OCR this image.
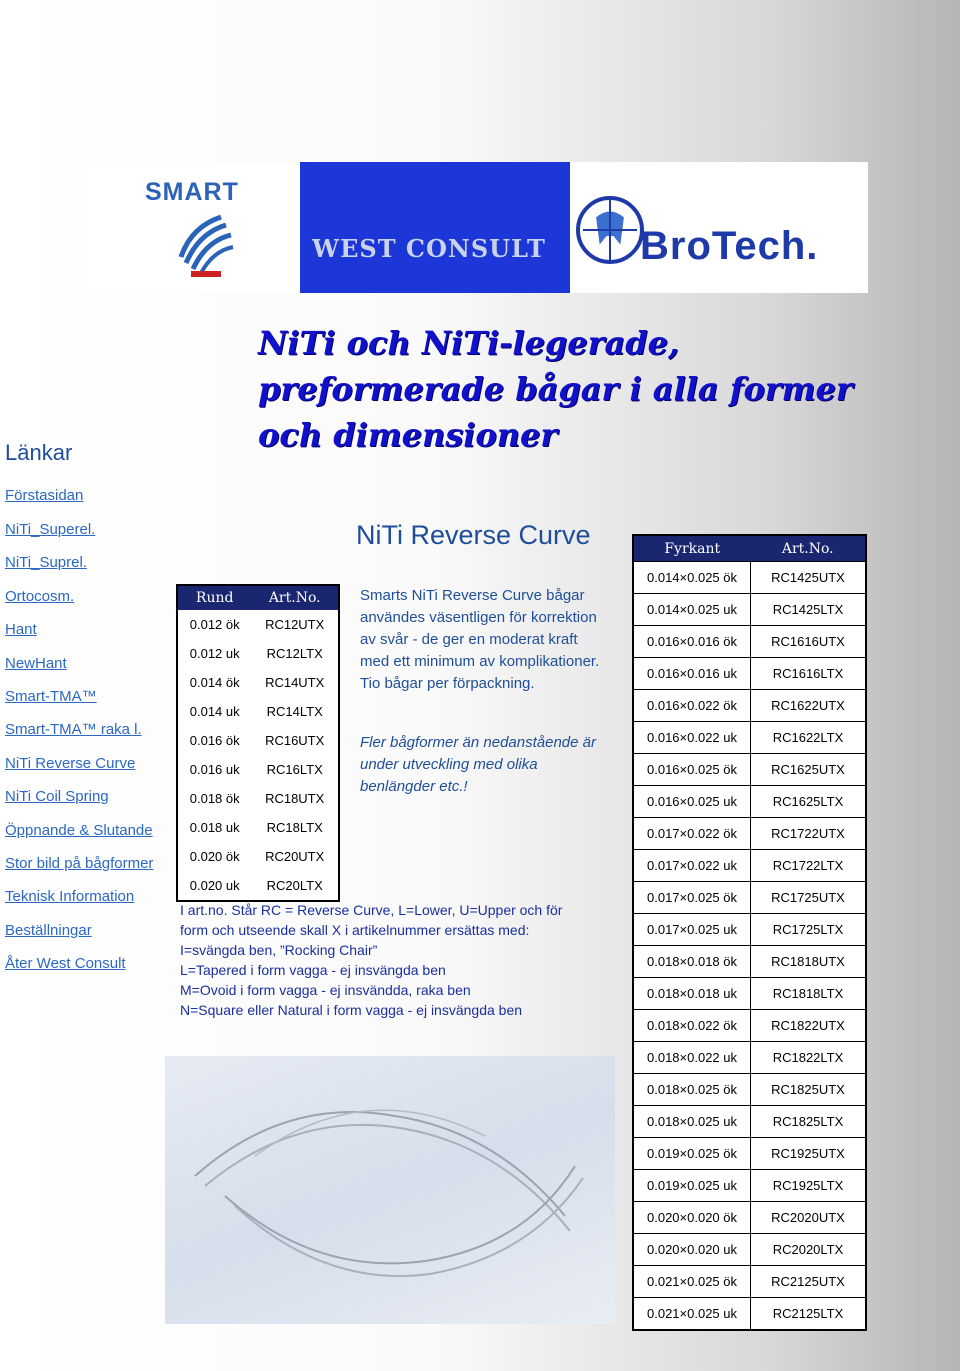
SMART
WEST CONSULT	BroTech.
NiTi och NiTi-legerade, preformerade bågar i alla former och dimensioner
Länkar
Förstasidan
NiTi_Superel.
NiTi_Suprel.
Ortocosm.
Hant
NewHant
Smart-TMA™
Smart-TMA™ raka l.
NiTi Reverse Curve
NiTi Coil Spring
Öppnande & Slutande
Stor bild på bågformer
Teknisk Information
Beställningar
Åter West Consult
NiTi Reverse Curve
Smarts NiTi Reverse Curve bågar användes väsentligen för korrektion av svår - de ger en moderat kraft med ett minimum av komplikationer. Tio bågar per förpackning.
Fler bågformer än nedanstående är under utveckling med olika benlängder etc.!
Rund	Art.No.
0.012 ök	RC12UTX
0.012 uk	RC12LTX
0.014 ök	RC14UTX
0.014 uk	RC14LTX
0.016 ök	RC16UTX
0.016 uk	RC16LTX
0.018 ök	RC18UTX
0.018 uk	RC18LTX
0.020 ök	RC20UTX
0.020 uk	RC20LTX
I art.no. Står RC = Reverse Curve, L=Lower, U=Upper och för
form och utseende skall X i artikelnummer ersättas med:
I=svängda ben, ”Rocking Chair”
L=Tapered i form vagga - ej insvängda ben
M=Ovoid i form vagga - ej insvändda, raka ben
N=Square eller Natural i form vagga - ej insvängda ben
Fyrkant	Art.No.
0.014×0.025 ök	RC1425UTX
0.014×0.025 uk	RC1425LTX
0.016×0.016 ök	RC1616UTX
0.016×0.016 uk	RC1616LTX
0.016×0.022 ök	RC1622UTX
0.016×0.022 uk	RC1622LTX
0.016×0.025 ök	RC1625UTX
0.016×0.025 uk	RC1625LTX
0.017×0.022 ök	RC1722UTX
0.017×0.022 uk	RC1722LTX
0.017×0.025 ök	RC1725UTX
0.017×0.025 uk	RC1725LTX
0.018×0.018 ök	RC1818UTX
0.018×0.018 uk	RC1818LTX
0.018×0.022 ök	RC1822UTX
0.018×0.022 uk	RC1822LTX
0.018×0.025 ök	RC1825UTX
0.018×0.025 uk	RC1825LTX
0.019×0.025 ök	RC1925UTX
0.019×0.025 uk	RC1925LTX
0.020×0.020 ök	RC2020UTX
0.020×0.020 uk	RC2020LTX
0.021×0.025 ök	RC2125UTX
0.021×0.025 uk	RC2125LTX
